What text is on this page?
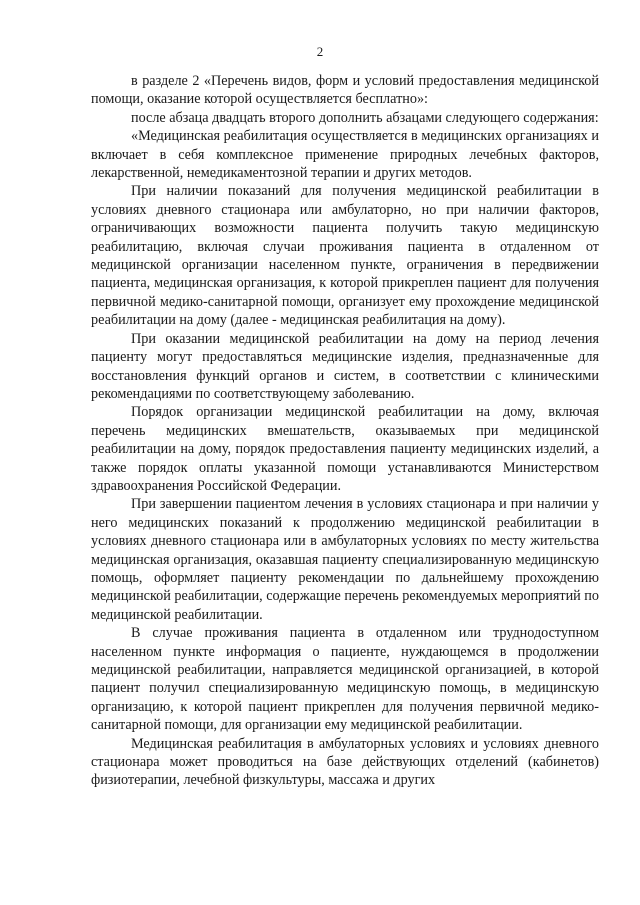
2

в разделе 2 «Перечень видов, форм и условий предоставления медицинской помощи, оказание которой осуществляется бесплатно»:

после абзаца двадцать второго дополнить абзацами следующего содержания:

«Медицинская реабилитация осуществляется в медицинских организациях и включает в себя комплексное применение природных лечебных факторов, лекарственной, немедикаментозной терапии и других методов.

При наличии показаний для получения медицинской реабилитации в условиях дневного стационара или амбулаторно, но при наличии факторов, ограничивающих возможности пациента получить такую медицинскую реабилитацию, включая случаи проживания пациента в отдаленном от медицинской организации населенном пункте, ограничения в передвижении пациента, медицинская организация, к которой прикреплен пациент для получения первичной медико-санитарной помощи, организует ему прохождение медицинской реабилитации на дому (далее - медицинская реабилитация на дому).

При оказании медицинской реабилитации на дому на период лечения пациенту могут предоставляться медицинские изделия, предназначенные для восстановления функций органов и систем, в соответствии с клиническими рекомендациями по соответствующему заболеванию.

Порядок организации медицинской реабилитации на дому, включая перечень медицинских вмешательств, оказываемых при медицинской реабилитации на дому, порядок предоставления пациенту медицинских изделий, а также порядок оплаты указанной помощи устанавливаются Министерством здравоохранения Российской Федерации.

При завершении пациентом лечения в условиях стационара и при наличии у него медицинских показаний к продолжению медицинской реабилитации в условиях дневного стационара или в амбулаторных условиях по месту жительства медицинская организация, оказавшая пациенту специализированную медицинскую помощь, оформляет пациенту рекомендации по дальнейшему прохождению медицинской реабилитации, содержащие перечень рекомендуемых мероприятий по медицинской реабилитации.

В случае проживания пациента в отдаленном или труднодоступном населенном пункте информация о пациенте, нуждающемся в продолжении медицинской реабилитации, направляется медицинской организацией, в которой пациент получил специализированную медицинскую помощь, в медицинскую организацию, к которой пациент прикреплен для получения первичной медико-санитарной помощи, для организации ему медицинской реабилитации.

Медицинская реабилитация в амбулаторных условиях и условиях дневного стационара может проводиться на базе действующих отделений (кабинетов) физиотерапии, лечебной физкультуры, массажа и других
